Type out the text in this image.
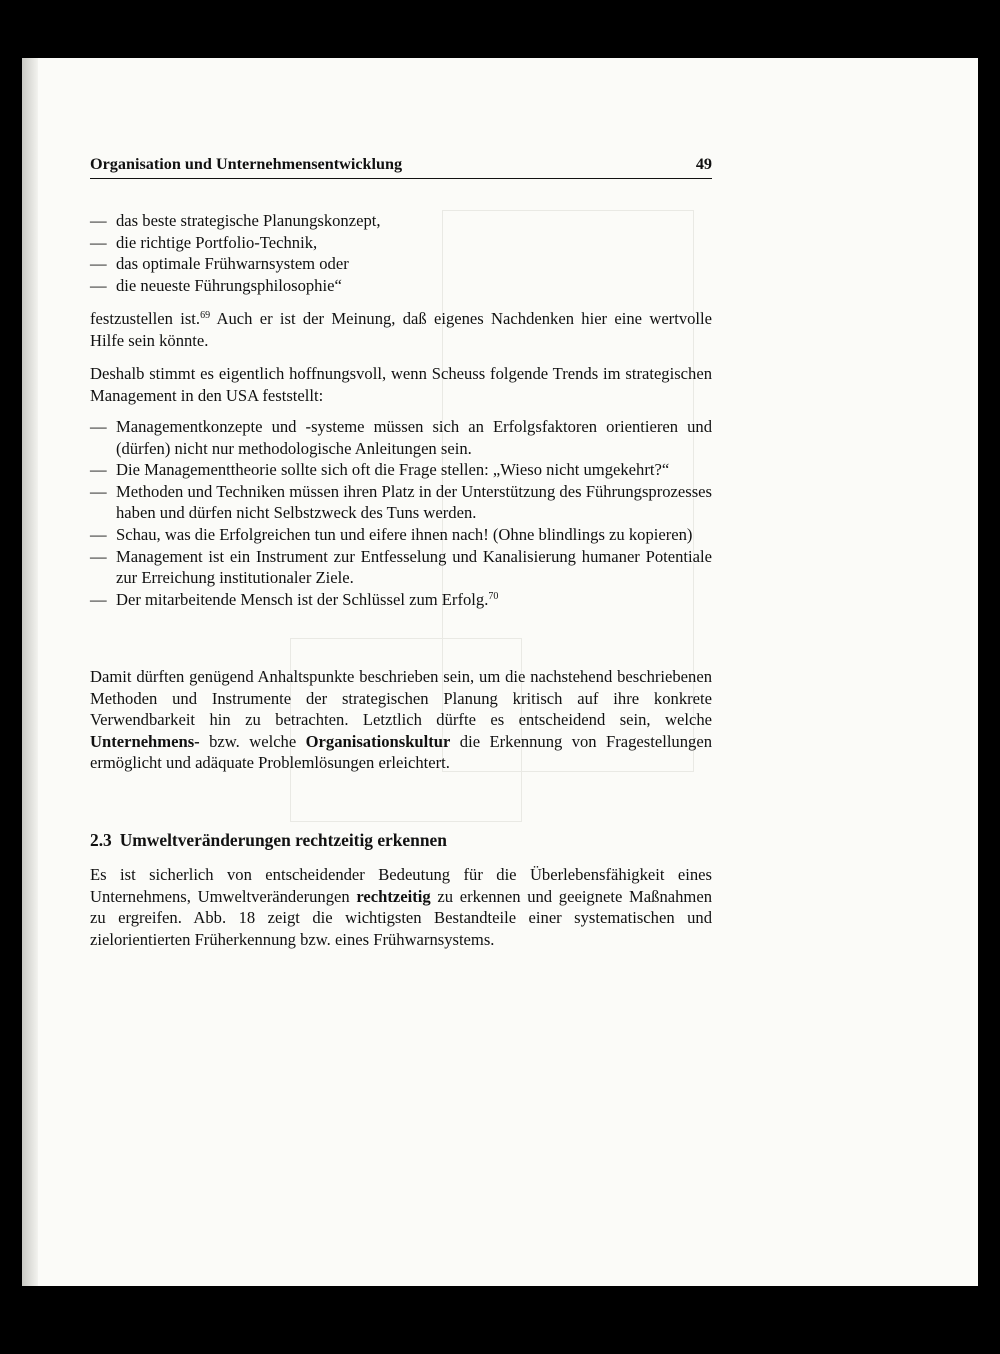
Organisation und Unternehmensentwicklung	49
— das beste strategische Planungskonzept,
— die richtige Portfolio-Technik,
— das optimale Frühwarnsystem oder
— die neueste Führungsphilosophie“

festzustellen ist.$^{69}$ Auch er ist der Meinung, daß eigenes Nachdenken hier eine wertvolle Hilfe sein könnte.

Deshalb stimmt es eigentlich hoffnungsvoll, wenn Scheuss folgende Trends im strategischen Management in den USA feststellt:

— Managementkonzepte und -systeme müssen sich an Erfolgsfaktoren orientieren und (dürfen) nicht nur methodologische Anleitungen sein.
— Die Managementtheorie sollte sich oft die Frage stellen: „Wieso nicht umgekehrt?“
— Methoden und Techniken müssen ihren Platz in der Unterstützung des Führungsprozesses haben und dürfen nicht Selbstzweck des Tuns werden.
— Schau, was die Erfolgreichen tun und eifere ihnen nach! (Ohne blindlings zu kopieren)
— Management ist ein Instrument zur Entfesselung und Kanalisierung humaner Potentiale zur Erreichung institutionaler Ziele.
— Der mitarbeitende Mensch ist der Schlüssel zum Erfolg.$^{70}$

Damit dürften genügend Anhaltspunkte beschrieben sein, um die nachstehend beschriebenen Methoden und Instrumente der strategischen Planung kritisch auf ihre konkrete Verwendbarkeit hin zu betrachten. Letztlich dürfte es entscheidend sein, welche Unternehmens- bzw. welche Organisationskultur die Erkennung von Fragestellungen ermöglicht und adäquate Problemlösungen erleichtert.

2.3 Umweltveränderungen rechtzeitig erkennen

Es ist sicherlich von entscheidender Bedeutung für die Überlebensfähigkeit eines Unternehmens, Umweltveränderungen rechtzeitig zu erkennen und geeignete Maßnahmen zu ergreifen. Abb. 18 zeigt die wichtigsten Bestandteile einer systematischen und zielorientierten Früherkennung bzw. eines Frühwarnsystems.
